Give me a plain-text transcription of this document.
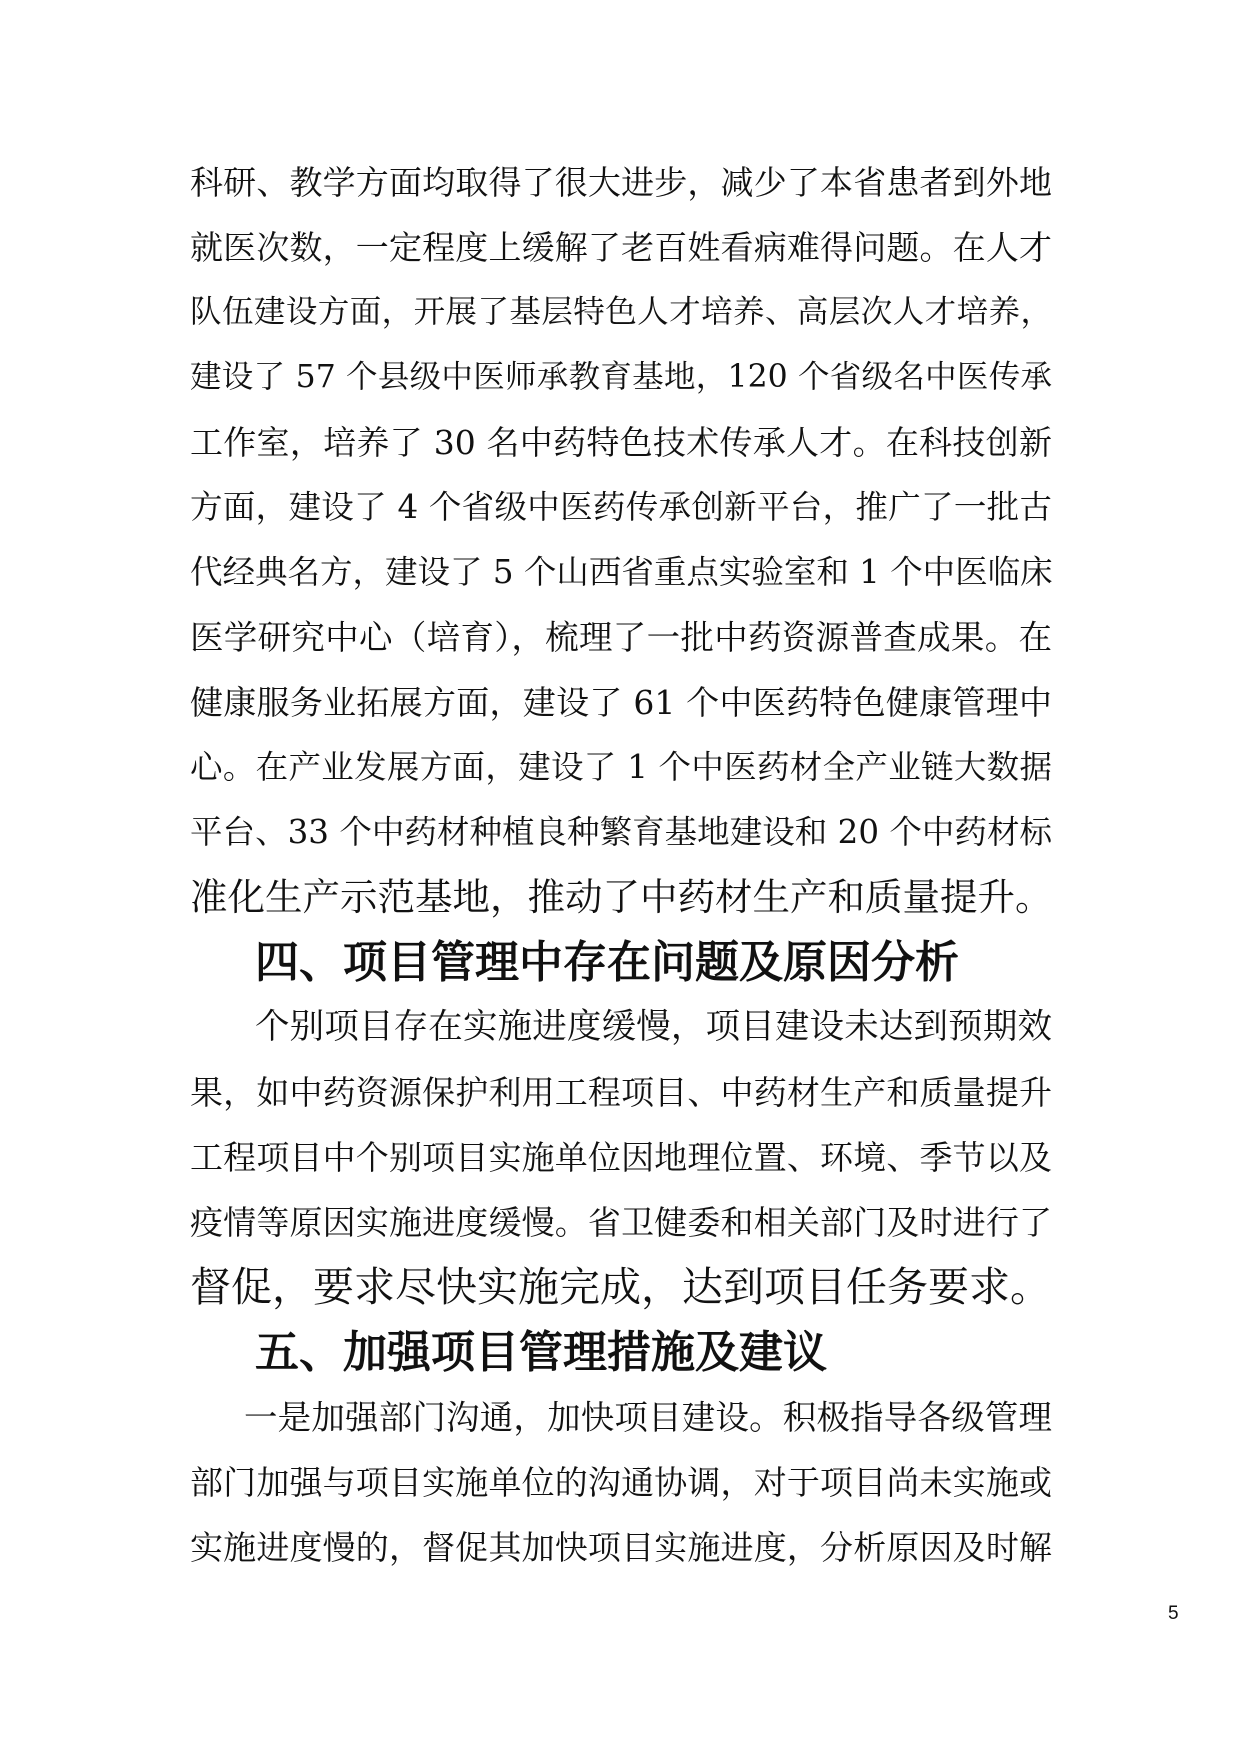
科研、教学方面均取得了很大进步，减少了本省患者到外地
就医次数，一定程度上缓解了老百姓看病难得问题。在人才
队伍建设方面，开展了基层特色人才培养、高层次人才培养，
建设了 57 个县级中医师承教育基地，120 个省级名中医传承
工作室，培养了 30 名中药特色技术传承人才。在科技创新
方面，建设了 4 个省级中医药传承创新平台，推广了一批古
代经典名方，建设了 5 个山西省重点实验室和 1 个中医临床
医学研究中心（培育），梳理了一批中药资源普查成果。在
健康服务业拓展方面，建设了 61 个中医药特色健康管理中
心。在产业发展方面，建设了 1 个中医药材全产业链大数据
平台、33 个中药材种植良种繁育基地建设和 20 个中药材标
准化生产示范基地，推动了中药材生产和质量提升。
四、项目管理中存在问题及原因分析
个别项目存在实施进度缓慢，项目建设未达到预期效
果，如中药资源保护利用工程项目、中药材生产和质量提升
工程项目中个别项目实施单位因地理位置、环境、季节以及
疫情等原因实施进度缓慢。省卫健委和相关部门及时进行了
督促，要求尽快实施完成，达到项目任务要求。
五、加强项目管理措施及建议
一是加强部门沟通，加快项目建设。积极指导各级管理
部门加强与项目实施单位的沟通协调，对于项目尚未实施或
实施进度慢的，督促其加快项目实施进度，分析原因及时解
5
